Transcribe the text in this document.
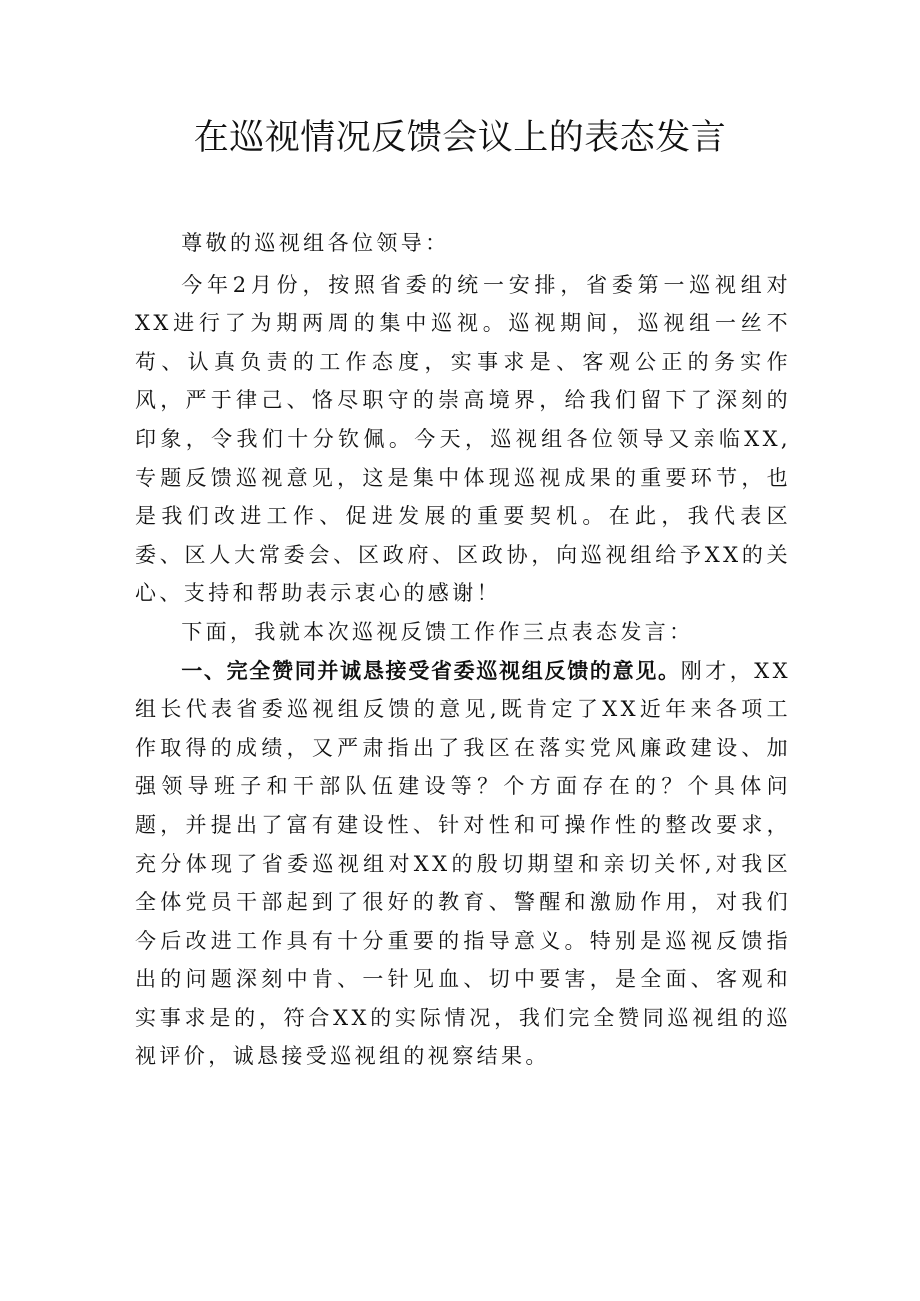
在巡视情况反馈会议上的表态发言

尊敬的巡视组各位领导：

今年2月份，按照省委的统一安排，省委第一巡视组对XX进行了为期两周的集中巡视。巡视期间，巡视组一丝不苟、认真负责的工作态度，实事求是、客观公正的务实作风，严于律己、恪尽职守的崇高境界，给我们留下了深刻的印象，令我们十分钦佩。今天，巡视组各位领导又亲临XX,专题反馈巡视意见，这是集中体现巡视成果的重要环节，也是我们改进工作、促进发展的重要契机。在此，我代表区委、区人大常委会、区政府、区政协，向巡视组给予XX的关心、支持和帮助表示衷心的感谢！

下面，我就本次巡视反馈工作作三点表态发言：

一、完全赞同并诚恳接受省委巡视组反馈的意见。刚才，XX组长代表省委巡视组反馈的意见,既肯定了XX近年来各项工作取得的成绩，又严肃指出了我区在落实党风廉政建设、加强领导班子和干部队伍建设等？个方面存在的？个具体问题，并提出了富有建设性、针对性和可操作性的整改要求，充分体现了省委巡视组对XX的殷切期望和亲切关怀,对我区全体党员干部起到了很好的教育、警醒和激励作用，对我们今后改进工作具有十分重要的指导意义。特别是巡视反馈指出的问题深刻中肯、一针见血、切中要害，是全面、客观和实事求是的，符合XX的实际情况，我们完全赞同巡视组的巡视评价，诚恳接受巡视组的视察结果。
